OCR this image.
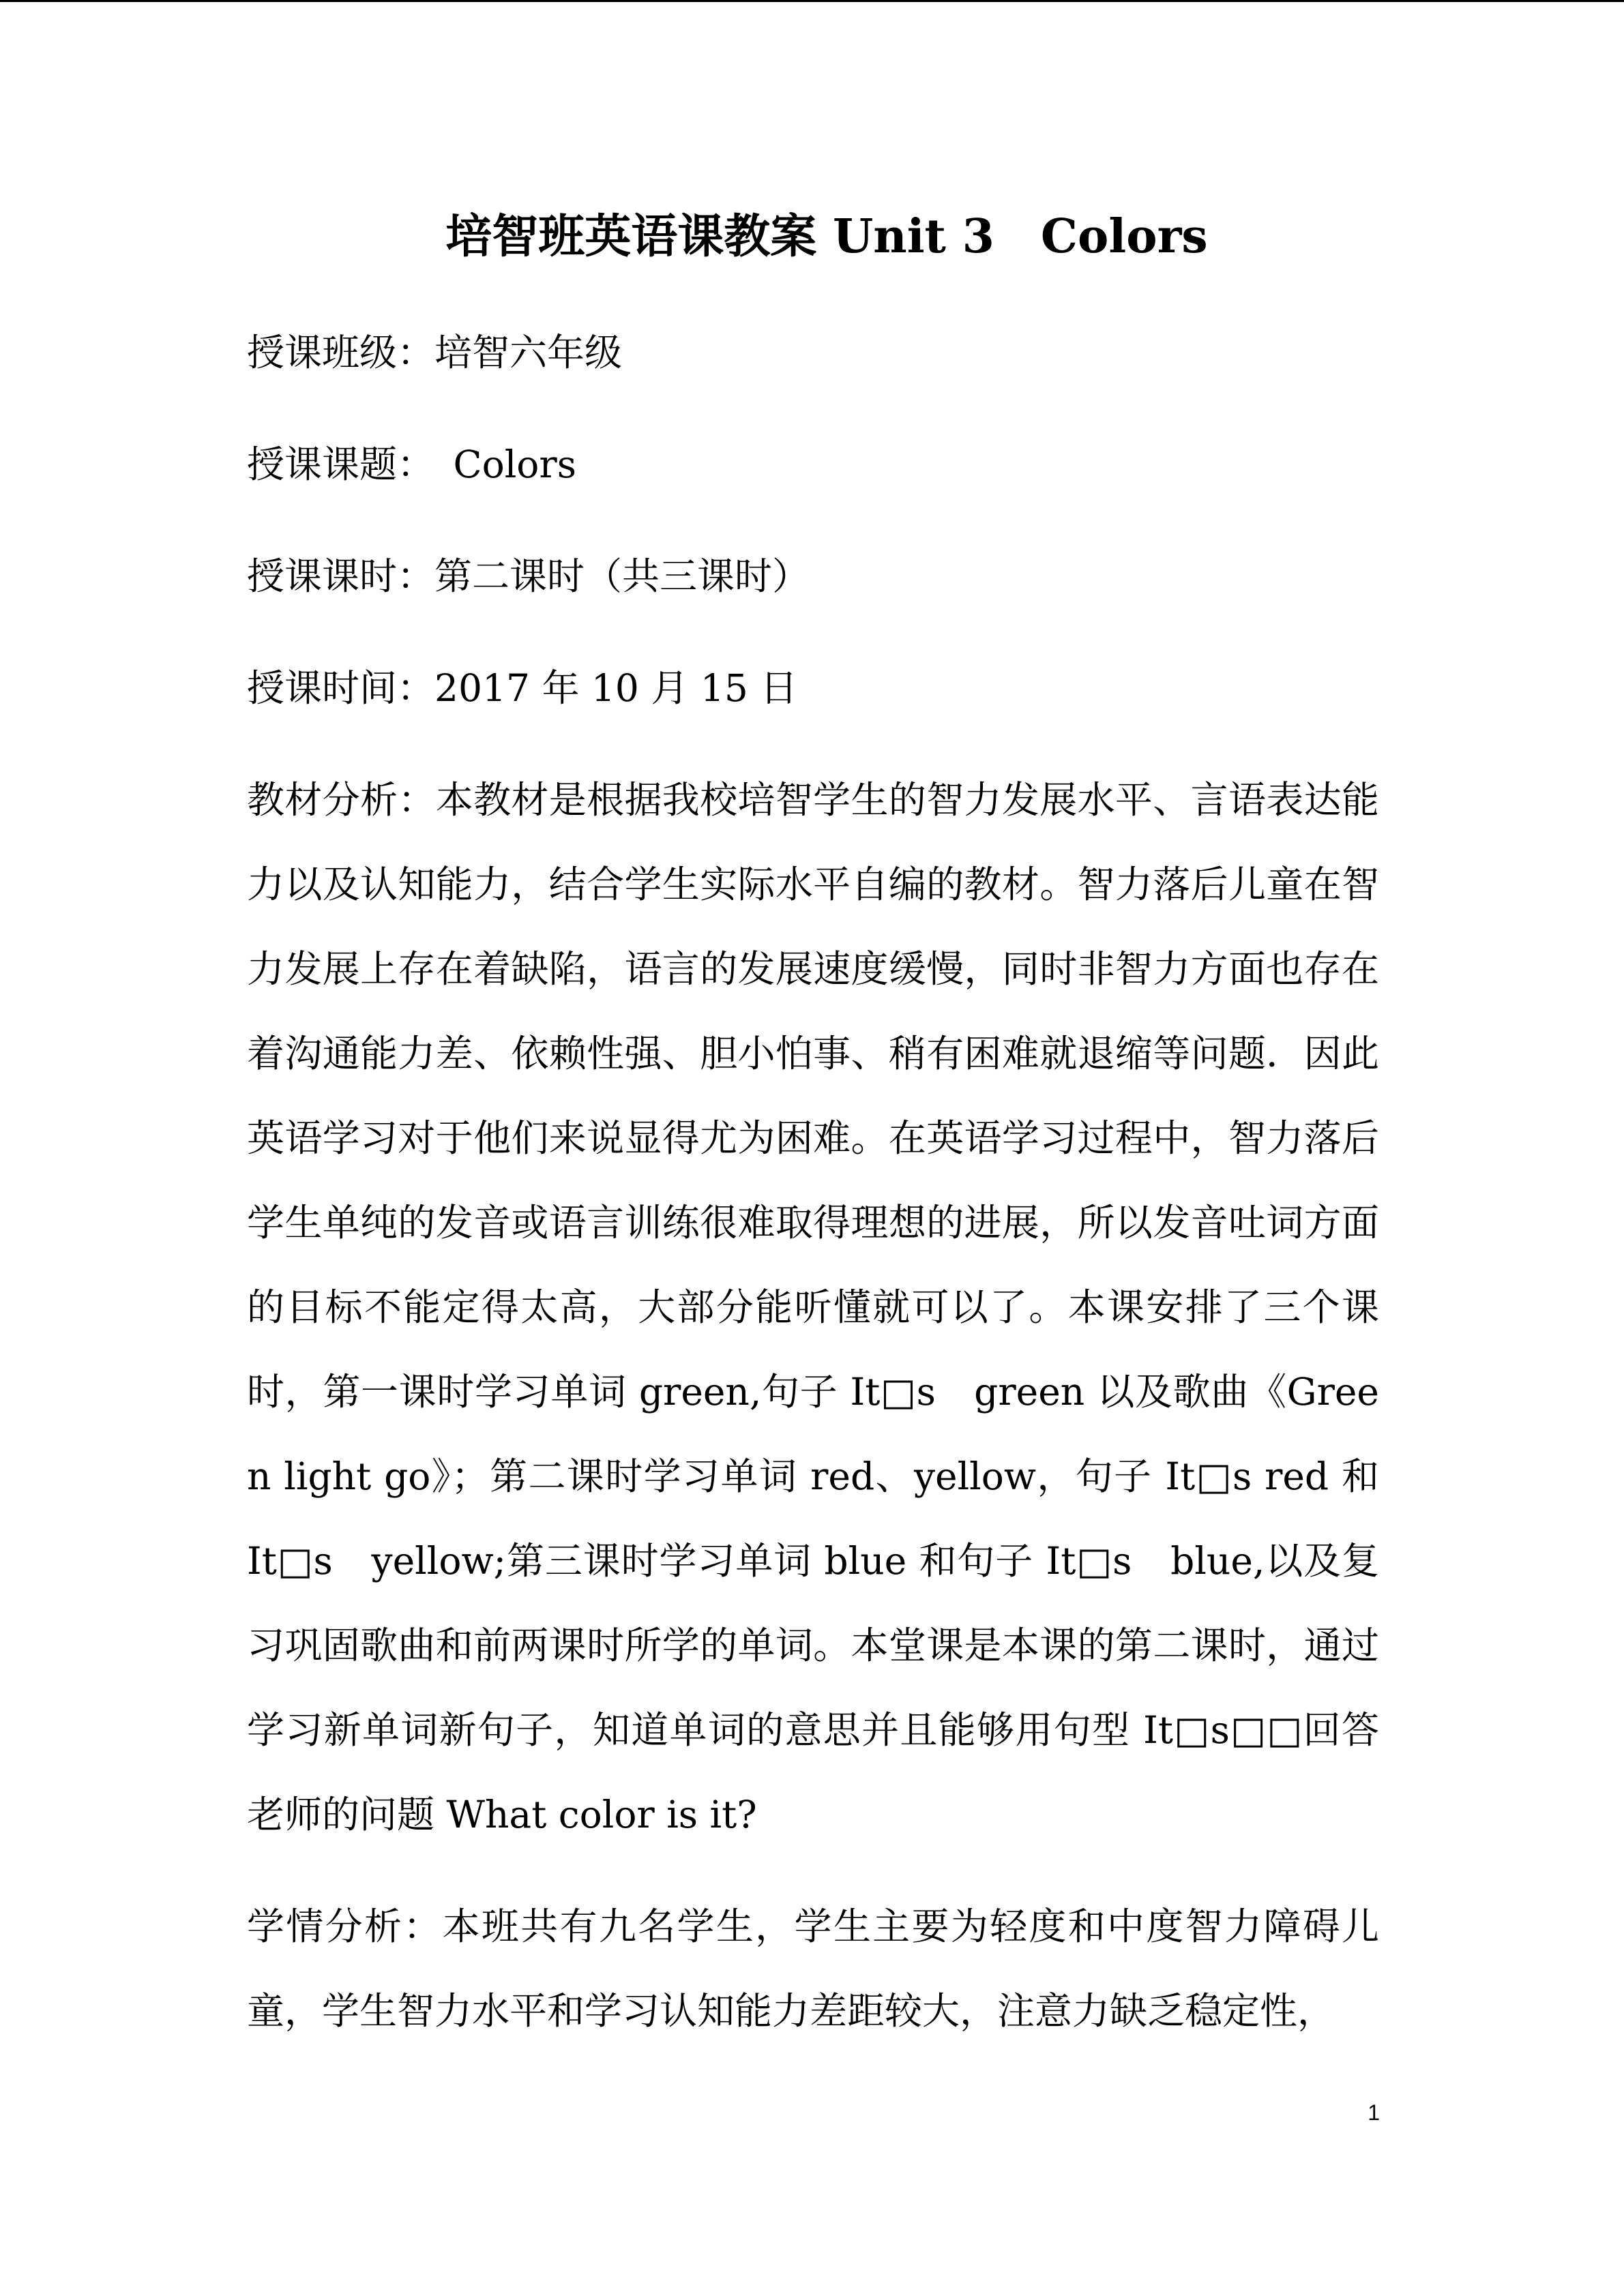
培智班英语课教案 Unit 3　Colors

授课班级：培智六年级

授课课题：　Colors

授课课时：第二课时（共三课时）

授课时间：2017 年 10 月 15 日

教材分析：本教材是根据我校培智学生的智力发展水平、言语表达能力以及认知能力，结合学生实际水平自编的教材。智力落后儿童在智力发展上存在着缺陷，语言的发展速度缓慢，同时非智力方面也存在着沟通能力差、依赖性强、胆小怕事、稍有困难就退缩等问题．因此英语学习对于他们来说显得尤为困难。在英语学习过程中，智力落后学生单纯的发音或语言训练很难取得理想的进展，所以发音吐词方面的目标不能定得太高，大部分能听懂就可以了。本课安排了三个课时，第一课时学习单词 green,句子 It□s　green 以及歌曲《Green light go》；第二课时学习单词 red、yellow，句子 It□s red 和 It□s　yellow;第三课时学习单词 blue 和句子 It□s　blue,以及复习巩固歌曲和前两课时所学的单词。本堂课是本课的第二课时，通过学习新单词新句子，知道单词的意思并且能够用句型 It□s□□回答老师的问题 What color is it?

学情分析：本班共有九名学生，学生主要为轻度和中度智力障碍儿童，学生智力水平和学习认知能力差距较大，注意力缺乏稳定性，

1
